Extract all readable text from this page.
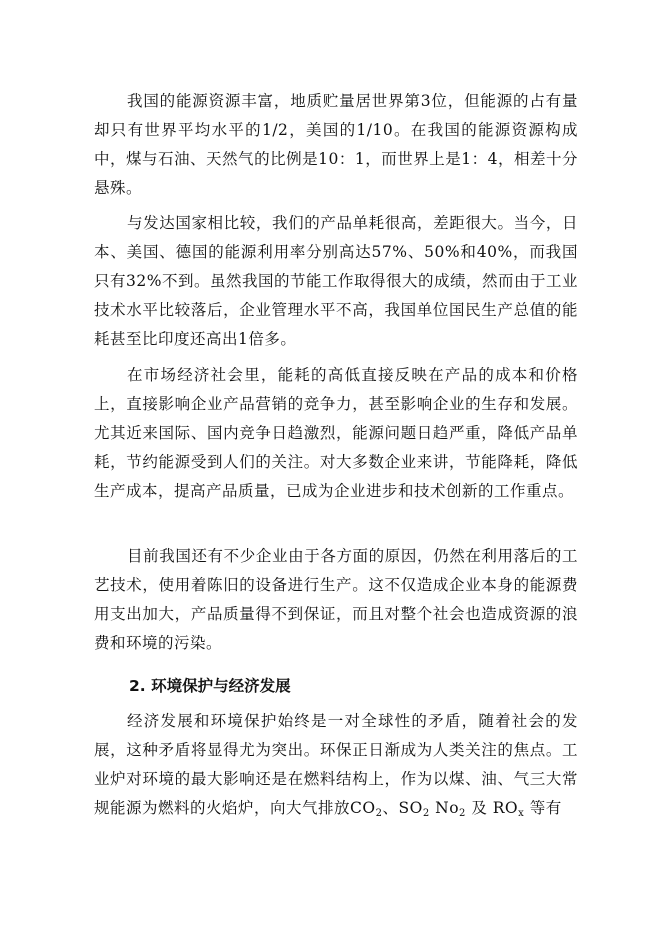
我国的能源资源丰富，地质贮量居世界第3位，但能源的占有量却只有世界平均水平的1/2，美国的1/10。在我国的能源资源构成中，煤与石油、天然气的比例是10：1，而世界上是1：4，相差十分悬殊。

与发达国家相比较，我们的产品单耗很高，差距很大。当今，日本、美国、德国的能源利用率分别高达57%、50%和40%，而我国只有32%不到。虽然我国的节能工作取得很大的成绩，然而由于工业技术水平比较落后，企业管理水平不高，我国单位国民生产总值的能耗甚至比印度还高出1倍多。

在市场经济社会里，能耗的高低直接反映在产品的成本和价格上，直接影响企业产品营销的竞争力，甚至影响企业的生存和发展。尤其近来国际、国内竞争日趋激烈，能源问题日趋严重，降低产品单耗，节约能源受到人们的关注。对大多数企业来讲，节能降耗，降低生产成本，提高产品质量，已成为企业进步和技术创新的工作重点。

目前我国还有不少企业由于各方面的原因，仍然在利用落后的工艺技术，使用着陈旧的设备进行生产。这不仅造成企业本身的能源费用支出加大，产品质量得不到保证，而且对整个社会也造成资源的浪费和环境的污染。

2. 环境保护与经济发展

经济发展和环境保护始终是一对全球性的矛盾，随着社会的发展，这种矛盾将显得尤为突出。环保正日渐成为人类关注的焦点。工业炉对环境的最大影响还是在燃料结构上，作为以煤、油、气三大常规能源为燃料的火焰炉，向大气排放$CO_2$、$SO_2$ $No_2$ 及 $RO_x$ 等有
